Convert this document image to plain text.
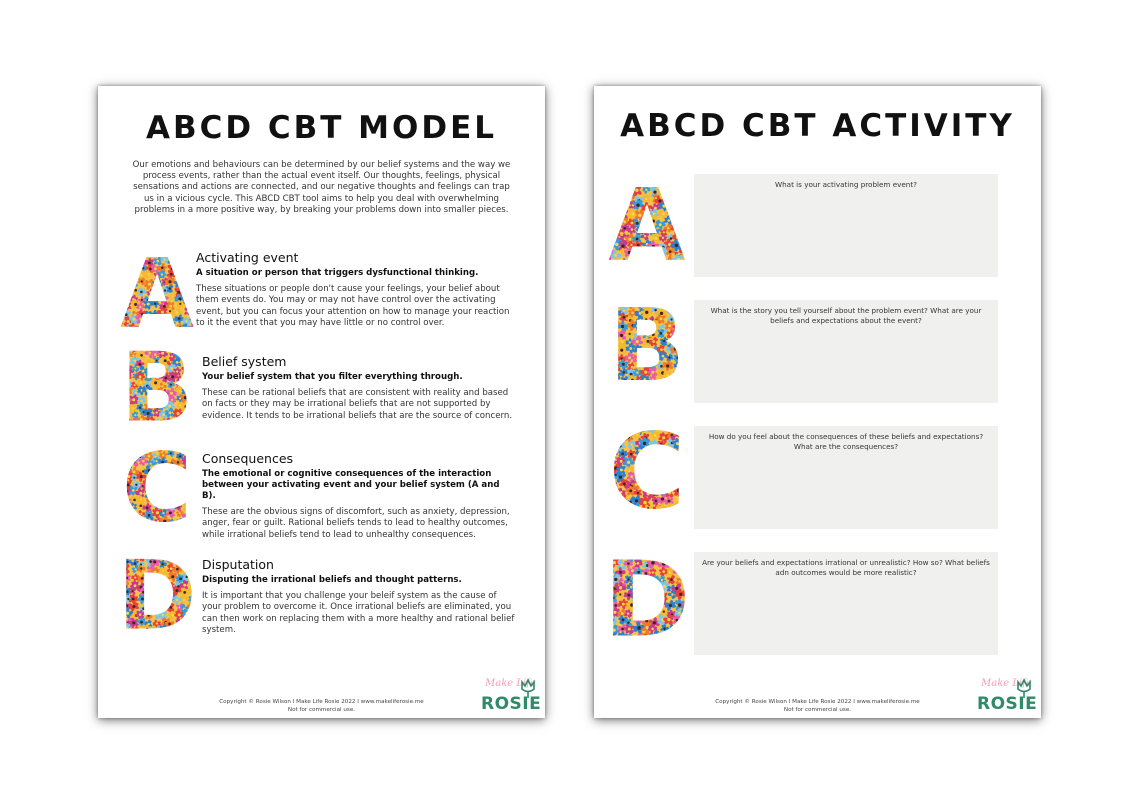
ABCD CBT MODEL

Our emotions and behaviours can be determined by our belief systems and the way we process events, rather than the actual event itself. Our thoughts, feelings, physical sensations and actions are connected, and our negative thoughts and feelings can trap us in a vicious cycle. This ABCD CBT tool aims to help you deal with overwhelming problems in a more positive way, by breaking your problems down into smaller pieces.

Activating event
A situation or person that triggers dysfunctional thinking.
These situations or people don't cause your feelings, your belief about them events do. You may or may not have control over the activating event, but you can focus your attention on how to manage your reaction to it the event that you may have little or no control over.
Belief system
Your belief system that you filter everything through.
These can be rational beliefs that are consistent with reality and based on facts or they may be irrational beliefs that are not supported by evidence. It tends to be irrational beliefs that are the source of concern.
Consequences
The emotional or cognitive consequences of the interaction between your activating event and your belief system (A and B).
These are the obvious signs of discomfort, such as anxiety, depression, anger, fear or guilt. Rational beliefs tends to lead to healthy outcomes, while irrational beliefs tend to lead to unhealthy consequences.
Disputation
Disputing the irrational beliefs and thought patterns.
It is important that you challenge your beleif system as the cause of your problem to overcome it. Once irrational beliefs are eliminated, you can then work on replacing them with a more healthy and rational belief system.
Copyright © Rosie Wilson I Make Life Rosie 2022 I www.makeliferosie.me
Not for commercial use.
Make Life
ROSIE
ABCD CBT ACTIVITY
What is your activating problem event?
What is the story you tell yourself about the problem event? What are your beliefs and expectations about the event?
How do you feel about the consequences of these beliefs and expectations? What are the consequences?
Are your beliefs and expectations irrational or unrealistic? How so? What beliefs adn outcomes would be more realistic?
Copyright © Rosie Wilson I Make Life Rosie 2022 I www.makeliferosie.me
Not for commercial use.
Make Life
ROSIE
